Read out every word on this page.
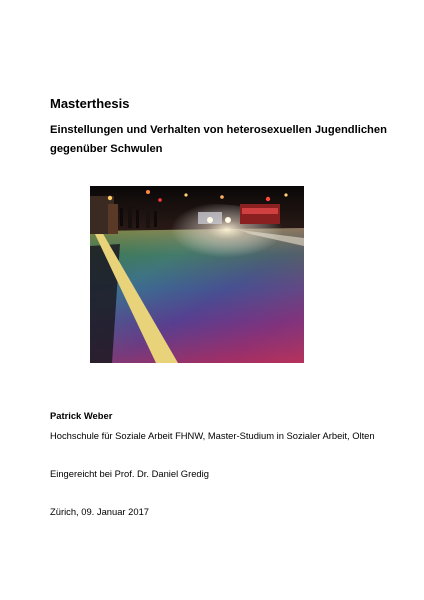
Masterthesis

Einstellungen und Verhalten von heterosexuellen Jugendlichen gegenüber Schwulen

Patrick Weber

Hochschule für Soziale Arbeit FHNW, Master-Studium in Sozialer Arbeit, Olten

Eingereicht bei Prof. Dr. Daniel Gredig

Zürich, 09. Januar 2017
